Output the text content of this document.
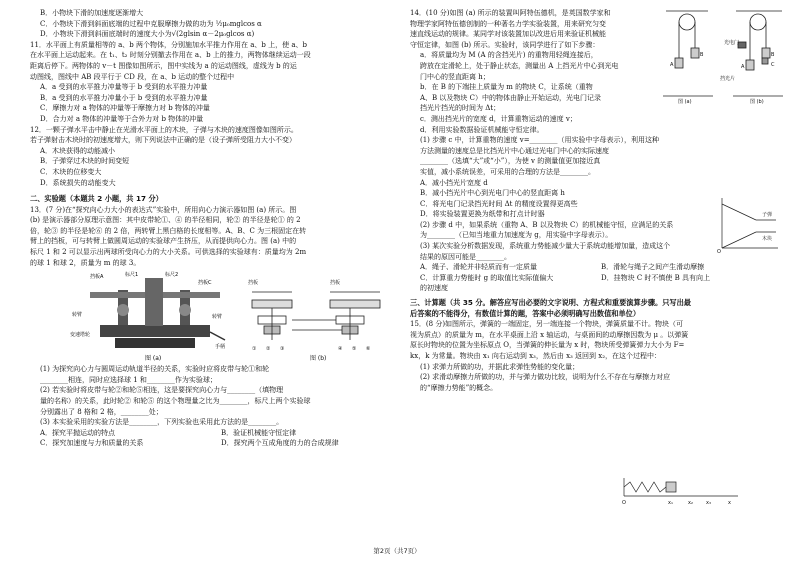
B．小物块下滑的加速度逐渐增大
C．小物块下滑到斜面底端的过程中克服摩擦力做的功为 ½μ₀mglcos α
D．小物块下滑到斜面底端时的速度大小为√(2glsin α－2μ₀glcos α)
11．水平面上有质量相等的 a、b 两个物体，分别施加水平推力作用在 a、b 上，使 a、b
在水平面上运动起来。在 t₁、t₂ 时刻分别撤去作用在 a、b 上的推力，两物体继续运动一段
距离后停下。两物体的 v－t 图像如图所示，图中实线为 a 的运动图线，虚线为 b 的运
动图线，图线中 AB 段平行于 CD 段，在 a、b 运动的整个过程中
A．a 受到的水平推力冲量等于 b 受到的水平推力冲量
B．a 受到的水平推力冲量小于 b 受到的水平推力冲量
C．摩擦力对 a 物体的冲量等于摩擦力对 b 物体的冲量
D．合力对 a 物体的冲量等于合外力对 b 物体的冲量
12．一颗子弹水平击中静止在光滑水平面上的木块，子弹与木块的速度图像如图所示。
若子弹射击木块时的初速度增大，则下列说法中正确的是（设子弹所受阻力大小不变）
A．木块获得的动能减小
B．子弹穿过木块的时间变短
C．木块的位移变大
D．系统损失的动能变大
二、实验题（本题共 2 小题，共 17 分）
13．(7 分)在“探究向心力大小的表达式”实验中，所用向心力演示器如图 (a) 所示。图
(b) 是演示器部分原理示意图：其中皮带轮①、④ 的半径相同，轮② 的半径是轮① 的 2
倍，轮③ 的半径是轮⑥ 的 2 倍，两转臂上黑白格的长度相等。A、B、C 为三根固定在转
臂上的挡板，可与转臂上做圆周运动的实验球产生挤压，从而提供向心力。图 (a) 中的
标尺 1 和 2 可以显示出两球所受向心力的大小关系。可供选择的实验球有：质量均为 2m
的球 1 和球 2，质量为 m 的球 3。
挡板A	标尺1	标尺2
挡板C
转臂	转臂
手柄
变速塔轮
图 (a)
挡板	挡板
① ② ③	④ ⑤ ⑥
图 (b)
(1) 为探究向心力与圆周运动轨道半径的关系，实验时应将皮带与轮①和轮
________相连，同时应选择球 1 和________作为实验球；
(2) 若实验时将皮带与轮②和轮⑤相连，这是要探究向心力与________（填物理
量的名称）的关系，此时轮② 和轮⑤ 的这个物理量之比为________，标尺上两个实验球
分别露出了 8 格和 2 格，________处；
(3) 本实验采用的实验方法是________，下列实验也采用此方法的是________。
A．探究平抛运动的特点	B．验证机械能守恒定律
C．探究加速度与力和质量的关系	D．探究两个互成角度的力的合成规律
14．(10 分)如图 (a) 所示的装置叫阿特伍德机，是英国数学家和
物理学家阿特伍德创制的一种著名力学实验装置，用来研究匀变
速直线运动的规律。某同学对该装置加以改进后用来验证机械能
守恒定律，如图 (b) 所示。实验时，该同学进行了如下步骤：
a．将质量均为 M (A 的含挡光片) 的重物用轻绳连接后，
跨放在定滑轮上，处于静止状态，测量出 A 上挡光片中心到光电
门中心的竖直距离 h；
b．在 B 的下端挂上质量为 m 的物块 C，让系统（重物
A、B 以及物块 C）中的物体由静止开始运动，光电门记录
挡光片挡光的时间为 Δt；
c．测出挡光片的宽度 d，计算重物运动的速度 v；
d．利用实验数据验证机械能守恒定律。
A
B
A
B
C
光电门
挡光片
图 (a)	图 (b)
(1) 步骤 c 中，计算重物的速度 v=________（用实验中字母表示），利用这种
方法测量的速度总是比挡光片中心通过光电门中心的实际速度
________（选填“大”或“小”），为使 v 的测量值更加接近真
实值，减小系统误差，可采用的合理的方法是________。
A．减小挡光片宽度 d
B．减小挡光片中心到光电门中心的竖直距离 h
C．将光电门记录挡光时间 Δt 的精度设置得更高些
D．将实验装置更换为纸带和打点计时器
(2) 步骤 d 中，如果系统（重物 A、B 以及物块 C）的机械能守恒，应满足的关系
为________（已知当地重力加速度为 g，用实验中字母表示）。
(3) 某次实验分析数据发现，系统重力势能减少量大于系统动能增加量，造成这个
结果的原因可能是________。
子弹
木块
O
A．绳子、滑轮并非轻质而有一定质量	B．滑轮与绳子之间产生滑动摩擦
C．计算重力势能时 g 的取值比实际值偏大	D．挂物块 C 时不慎使 B 具有向上
的初速度
三、计算题（共 35 分。解答应写出必要的文字说明、方程式和重要演算步骤。只写出最
后答案的不能得分，有数值计算的题，答案中必须明确写出数值和单位）
15．(8 分)如图所示，弹簧的一端固定，另一端连接一个物块，弹簧质量不计。物块（可
视为质点）的质量为 m，在水平桌面上沿 x 轴运动，与桌面间的动摩擦因数为 μ 。以弹簧
原长时物块的位置为坐标原点 O，当弹簧的伸长量为 x 时，物块所受弹簧弹力大小为 F=
kx，k 为常量。物块由 x₁ 向右运动到 x₃，然后由 x₃ 返回到 x₂，在这个过程中：
(1) 求弹力所做的功，并据此求弹性势能的变化量；
(2) 求滑动摩擦力所做的功，并与弹力做功比较，说明为什么不存在与摩擦力对应
的“摩擦力势能”的概念。
O	x₁	x₂	x₃	x
第2页（共7页）
